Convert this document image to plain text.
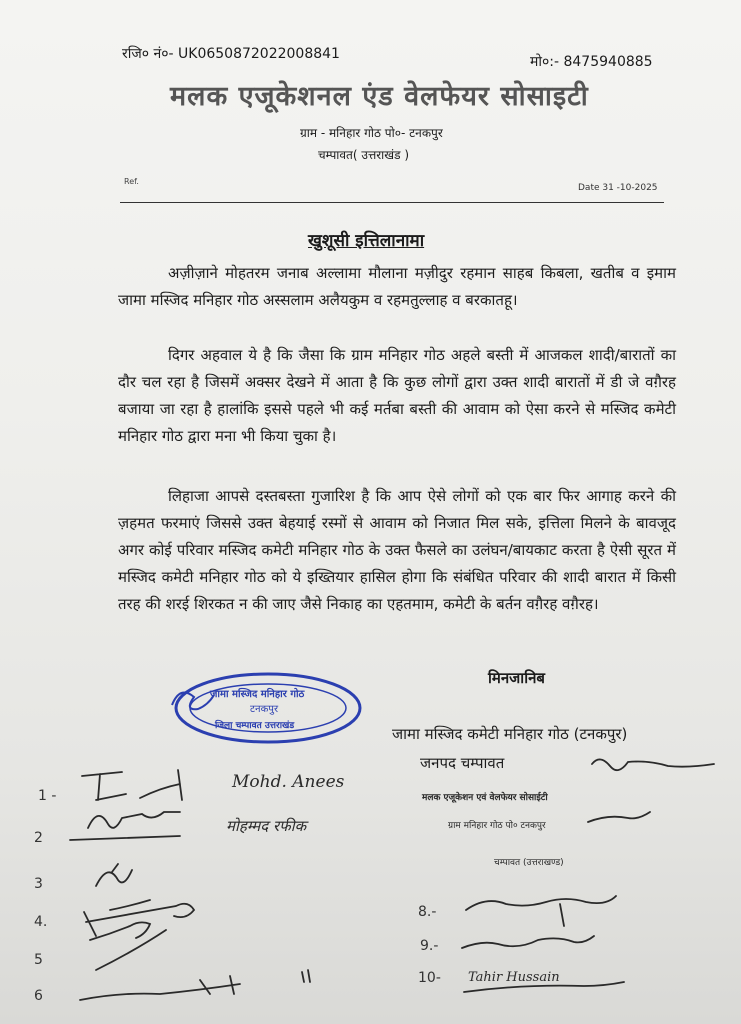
रजि० नं०- UK0650872022008841	मो०:- 8475940885
मलक एजूकेशनल एंड वेलफेयर सोसाइटी
ग्राम - मनिहार गोठ पो०- टनकपुर
चम्पावत( उत्तराखंड )
Ref.
Date 31 -10-2025
खुशूसी इत्तिलानामा
अज़ीज़ाने मोहतरम जनाब अल्लामा मौलाना मज़ीदुर रहमान साहब किबला, खतीब व इमाम जामा मस्जिद मनिहार गोठ अस्सलाम अलैयकुम व रहमतुल्लाह व बरकातहू।
दिगर अहवाल ये है कि जैसा कि ग्राम मनिहार गोठ अहले बस्ती में आजकल शादी/बारातों का दौर चल रहा है जिसमें अक्सर देखने में आता है कि कुछ लोगों द्वारा उक्त शादी बारातों में डी जे वग़ैरह बजाया जा रहा है हालांकि इससे पहले भी कई मर्तबा बस्ती की आवाम को ऐसा करने से मस्जिद कमेटी मनिहार गोठ द्वारा मना भी किया चुका है।
लिहाजा आपसे दस्तबस्ता गुजारिश है कि आप ऐसे लोगों को एक बार फिर आगाह करने की ज़हमत फरमाएं जिससे उक्त बेहयाई रस्मों से आवाम को निजात मिल सके, इत्तिला मिलने के बावजूद अगर कोई परिवार मस्जिद कमेटी मनिहार गोठ के उक्त फैसले का उलंघन/बायकाट करता है ऐसी सूरत में मस्जिद कमेटी मनिहार गोठ को ये इख्तियार हासिल होगा कि संबंधित परिवार की शादी बारात में किसी तरह की शरई शिरकत न की जाए जैसे निकाह का एहतमाम, कमेटी के बर्तन वग़ैरह वग़ैरह।
मिनजानिब
जामा मस्जिद कमेटी मनिहार गोठ (टनकपुर)
जनपद चम्पावत
जामा मस्जिद मनिहार गोठ
टनकपुर
जिला चम्पावत उत्तराखंड
1 -
2
3
4.
5
6
8.-
9.-
10-
Mohd. Anees
मोहम्मद रफीक
Tahir Hussain
मलक एजूकेशन एवं वेलफेयर सोसाईटी
ग्राम मनिहार गोठ पो० टनकपुर
चम्पावत (उत्तराखण्ड)
